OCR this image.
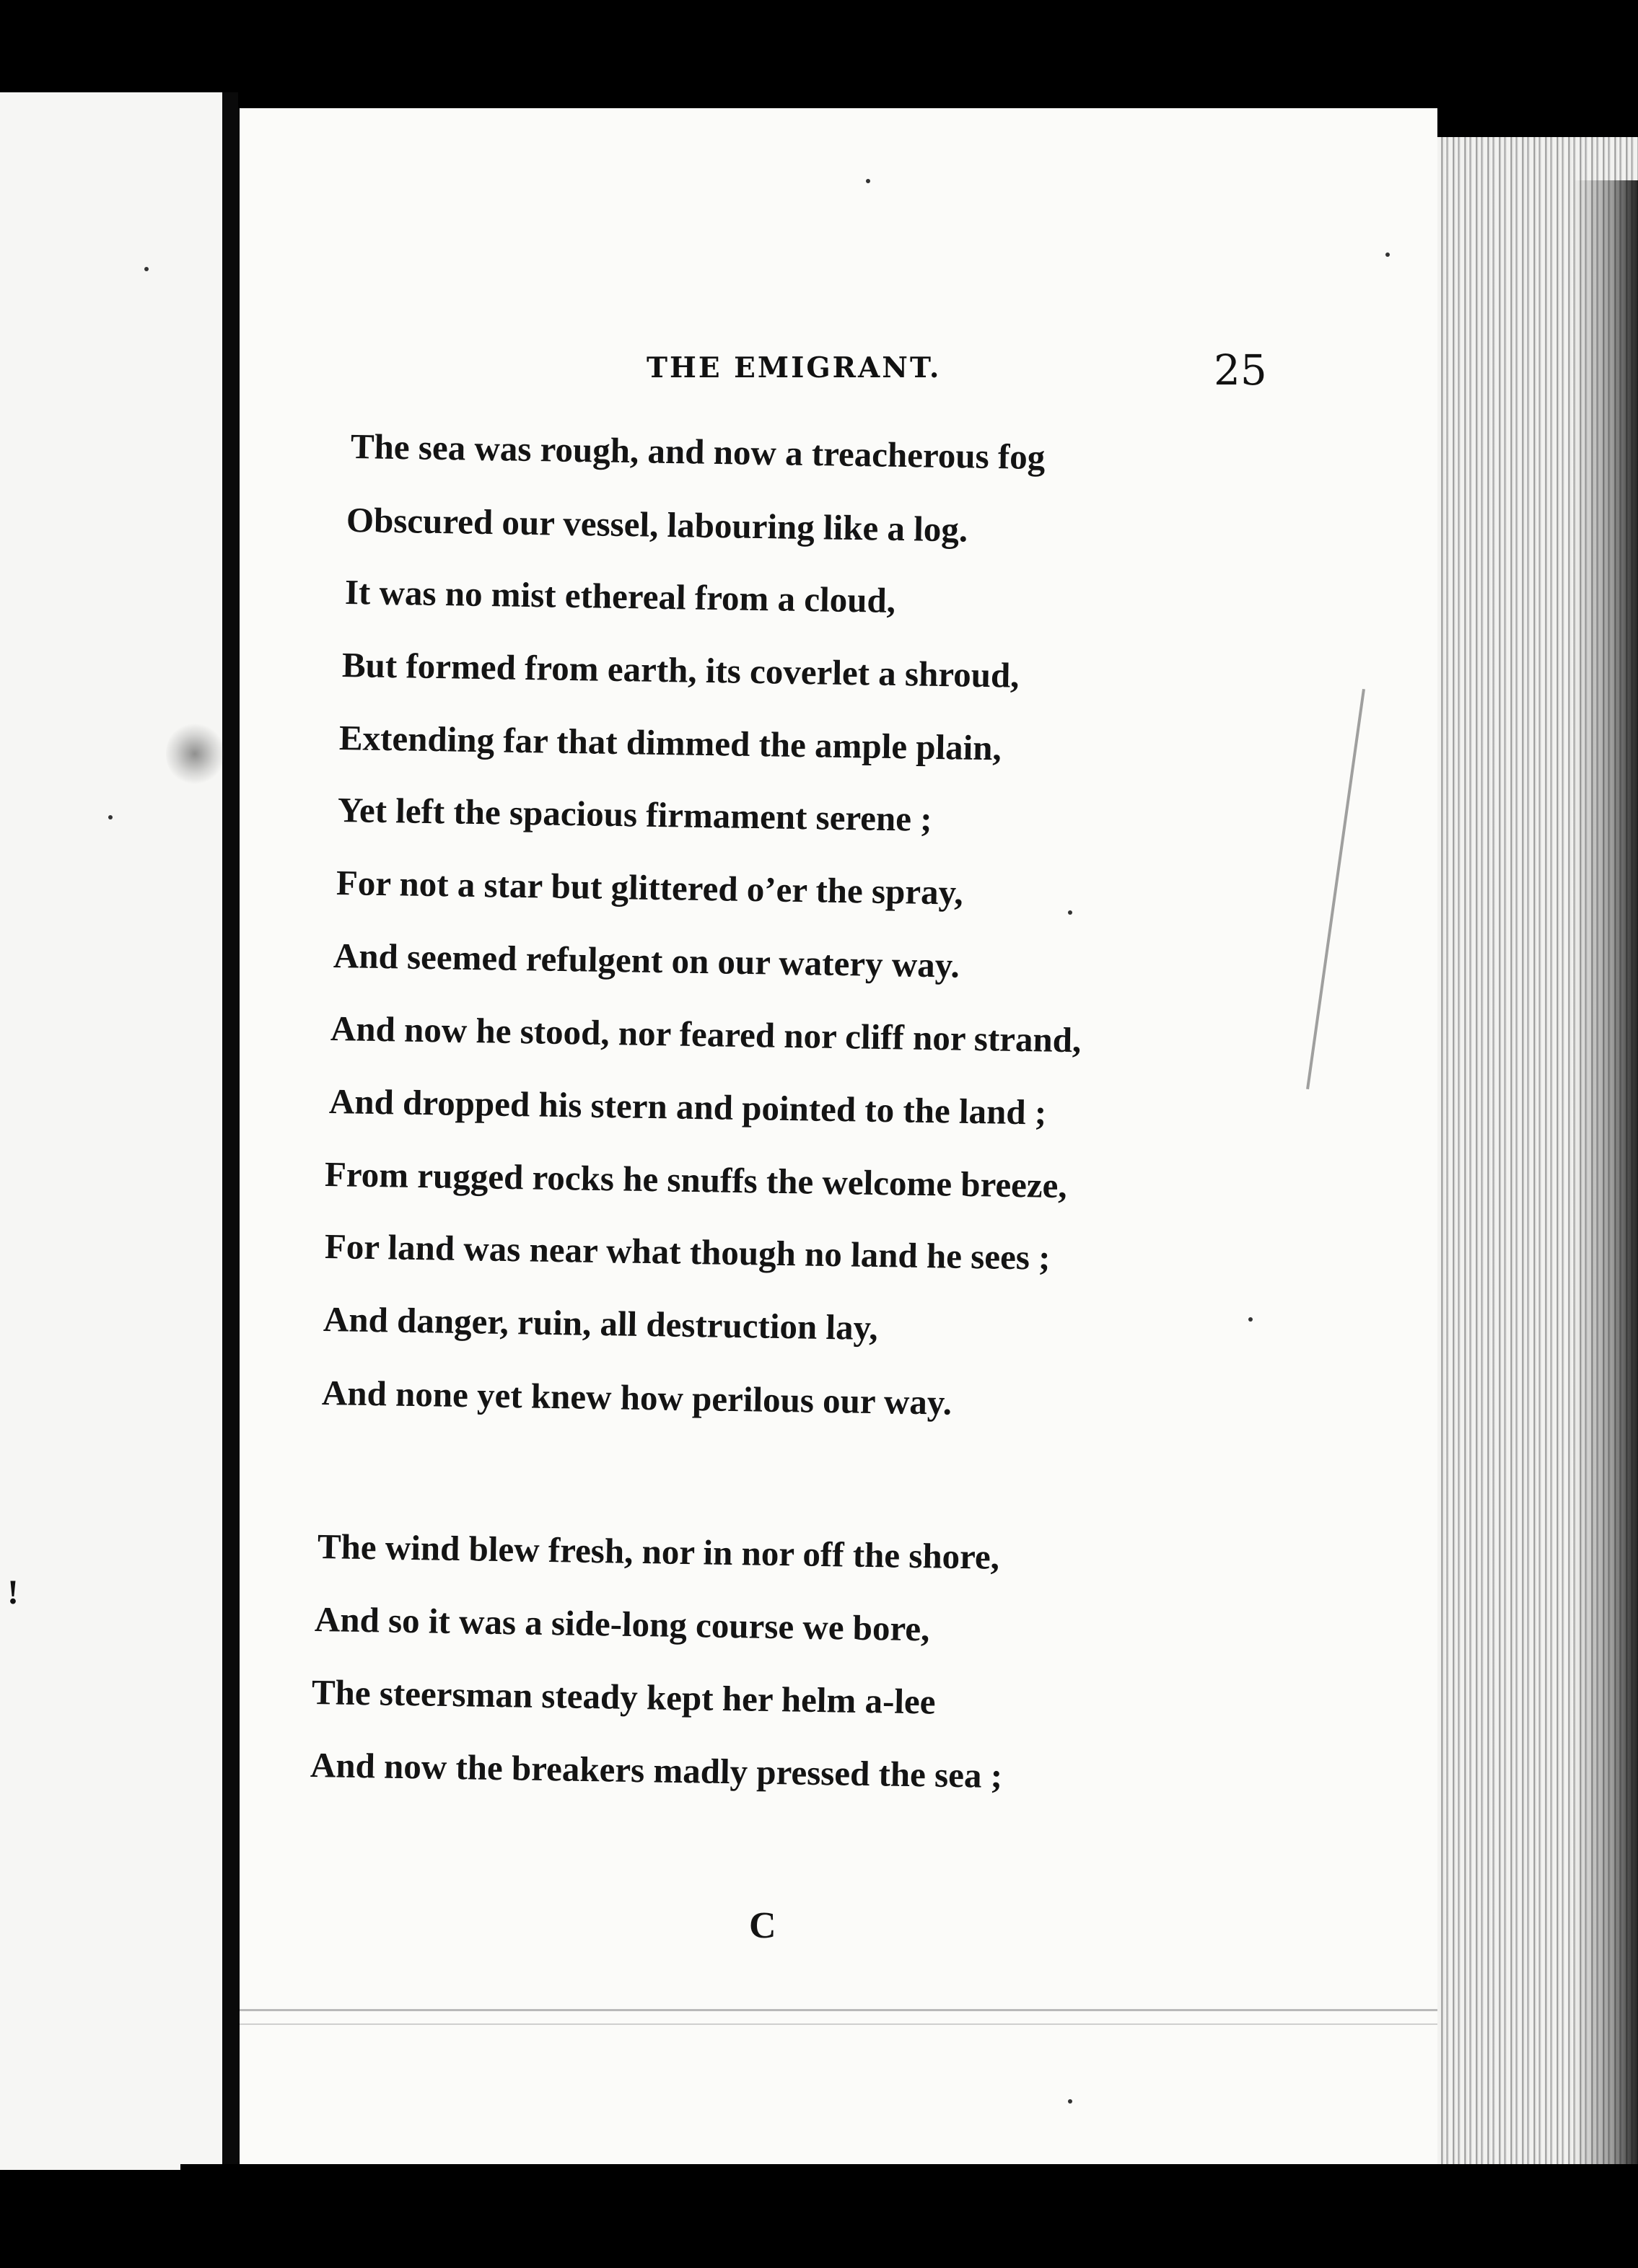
!
THE EMIGRANT.	25
The sea was rough, and now a treacherous fog
Obscured our vessel, labouring like a log.
It was no mist ethereal from a cloud,
But formed from earth, its coverlet a shroud,
Extending far that dimmed the ample plain,
Yet left the spacious firmament serene ;
For not a star but glittered o’er the spray,
And seemed refulgent on our watery way.
And now he stood, nor feared nor cliff nor strand,
And dropped his stern and pointed to the land ;
From rugged rocks he snuffs the welcome breeze,
For land was near what though no land he sees ;
And danger, ruin, all destruction lay,
And none yet knew how perilous our way.
The wind blew fresh, nor in nor off the shore,
And so it was a side-long course we bore,
The steersman steady kept her helm a-lee
And now the breakers madly pressed the sea ;
C
